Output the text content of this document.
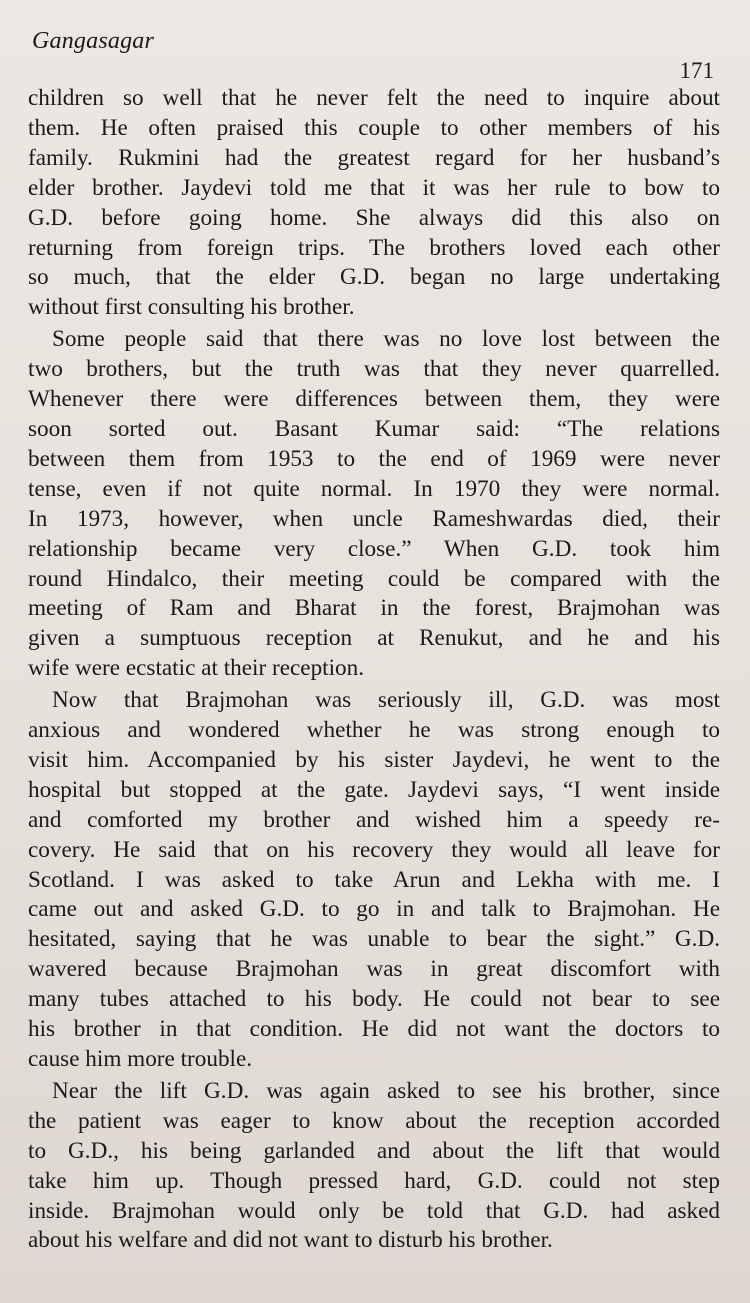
Gangasagar
171
children so well that he never felt the need to inquire about
them. He often praised this couple to other members of his
family. Rukmini had the greatest regard for her husband’s
elder brother. Jaydevi told me that it was her rule to bow to
G.D. before going home. She always did this also on
returning from foreign trips. The brothers loved each other
so much, that the elder G.D. began no large undertaking
without first consulting his brother.
Some people said that there was no love lost between the
two brothers, but the truth was that they never quarrelled.
Whenever there were differences between them, they were
soon sorted out. Basant Kumar said: “The relations
between them from 1953 to the end of 1969 were never
tense, even if not quite normal. In 1970 they were normal.
In 1973, however, when uncle Rameshwardas died, their
relationship became very close.” When G.D. took him
round Hindalco, their meeting could be compared with the
meeting of Ram and Bharat in the forest, Brajmohan was
given a sumptuous reception at Renukut, and he and his
wife were ecstatic at their reception.
Now that Brajmohan was seriously ill, G.D. was most
anxious and wondered whether he was strong enough to
visit him. Accompanied by his sister Jaydevi, he went to the
hospital but stopped at the gate. Jaydevi says, “I went inside
and comforted my brother and wished him a speedy re-
covery. He said that on his recovery they would all leave for
Scotland. I was asked to take Arun and Lekha with me. I
came out and asked G.D. to go in and talk to Brajmohan. He
hesitated, saying that he was unable to bear the sight.” G.D.
wavered because Brajmohan was in great discomfort with
many tubes attached to his body. He could not bear to see
his brother in that condition. He did not want the doctors to
cause him more trouble.
Near the lift G.D. was again asked to see his brother, since
the patient was eager to know about the reception accorded
to G.D., his being garlanded and about the lift that would
take him up. Though pressed hard, G.D. could not step
inside. Brajmohan would only be told that G.D. had asked
about his welfare and did not want to disturb his brother.
